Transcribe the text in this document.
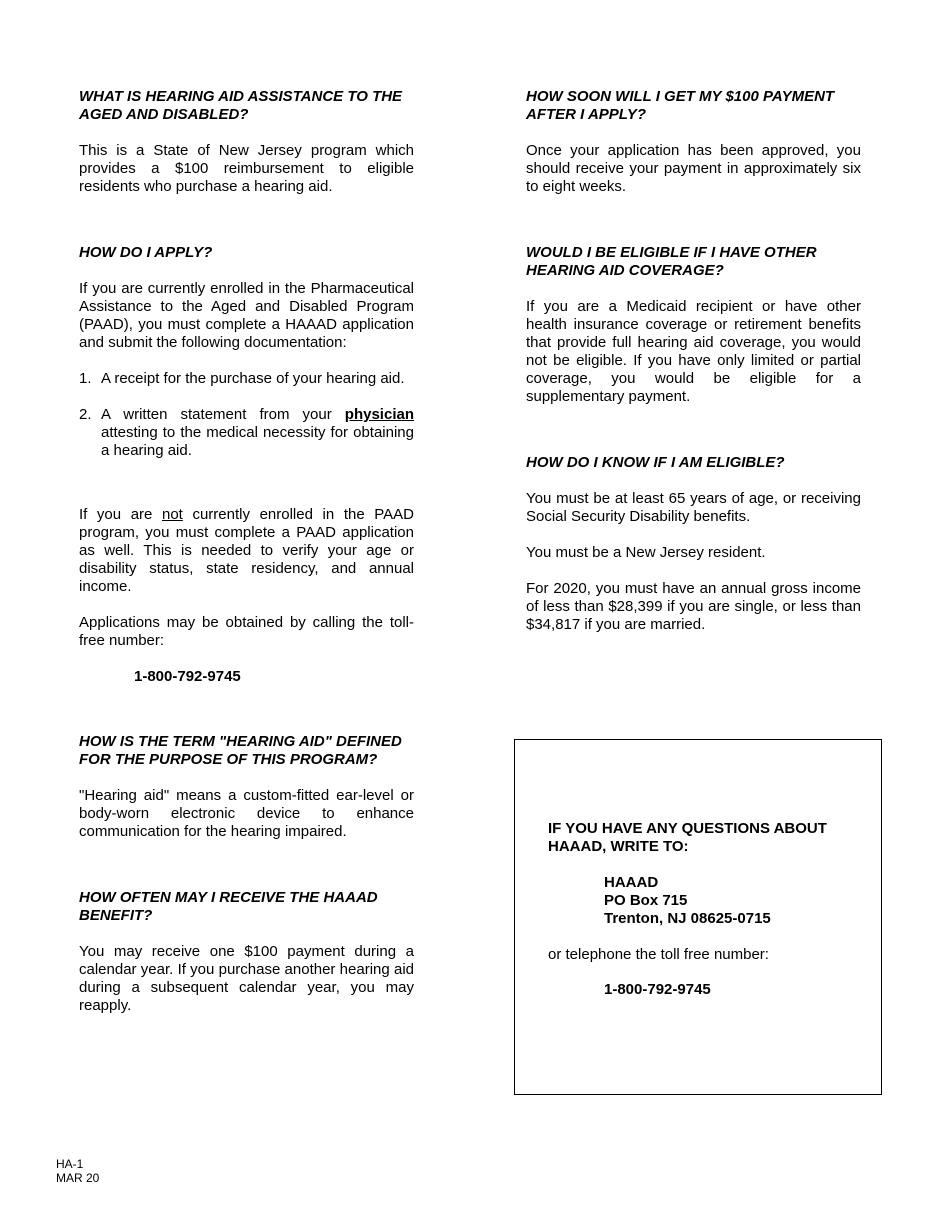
WHAT IS HEARING AID ASSISTANCE TO THE AGED AND DISABLED?

This is a State of New Jersey program which provides a $100 reimbursement to eligible residents who purchase a hearing aid.

HOW DO I APPLY?

If you are currently enrolled in the Pharmaceutical Assistance to the Aged and Disabled Program (PAAD), you must complete a HAAAD application and submit the following documentation:

1. A receipt for the purchase of your hearing aid.
2. A written statement from your physician attesting to the medical necessity for obtaining a hearing aid.

If you are not currently enrolled in the PAAD program, you must complete a PAAD application as well. This is needed to verify your age or disability status, state residency, and annual income.

Applications may be obtained by calling the toll-free number:

1-800-792-9745

HOW IS THE TERM "HEARING AID" DEFINED FOR THE PURPOSE OF THIS PROGRAM?

"Hearing aid" means a custom-fitted ear-level or body-worn electronic device to enhance communication for the hearing impaired.

HOW OFTEN MAY I RECEIVE THE HAAAD BENEFIT?

You may receive one $100 payment during a calendar year. If you purchase another hearing aid during a subsequent calendar year, you may reapply.

HOW SOON WILL I GET MY $100 PAYMENT AFTER I APPLY?

Once your application has been approved, you should receive your payment in approximately six to eight weeks.

WOULD I BE ELIGIBLE IF I HAVE OTHER HEARING AID COVERAGE?

If you are a Medicaid recipient or have other health insurance coverage or retirement benefits that provide full hearing aid coverage, you would not be eligible. If you have only limited or partial coverage, you would be eligible for a supplementary payment.

HOW DO I KNOW IF I AM ELIGIBLE?

You must be at least 65 years of age, or receiving Social Security Disability benefits.

You must be a New Jersey resident.

For 2020, you must have an annual gross income of less than $28,399 if you are single, or less than $34,817 if you are married.

IF YOU HAVE ANY QUESTIONS ABOUT HAAAD, WRITE TO:

HAAAD

PO Box 715

Trenton, NJ 08625-0715

or telephone the toll free number:

1-800-792-9745

HA-1
MAR 20
